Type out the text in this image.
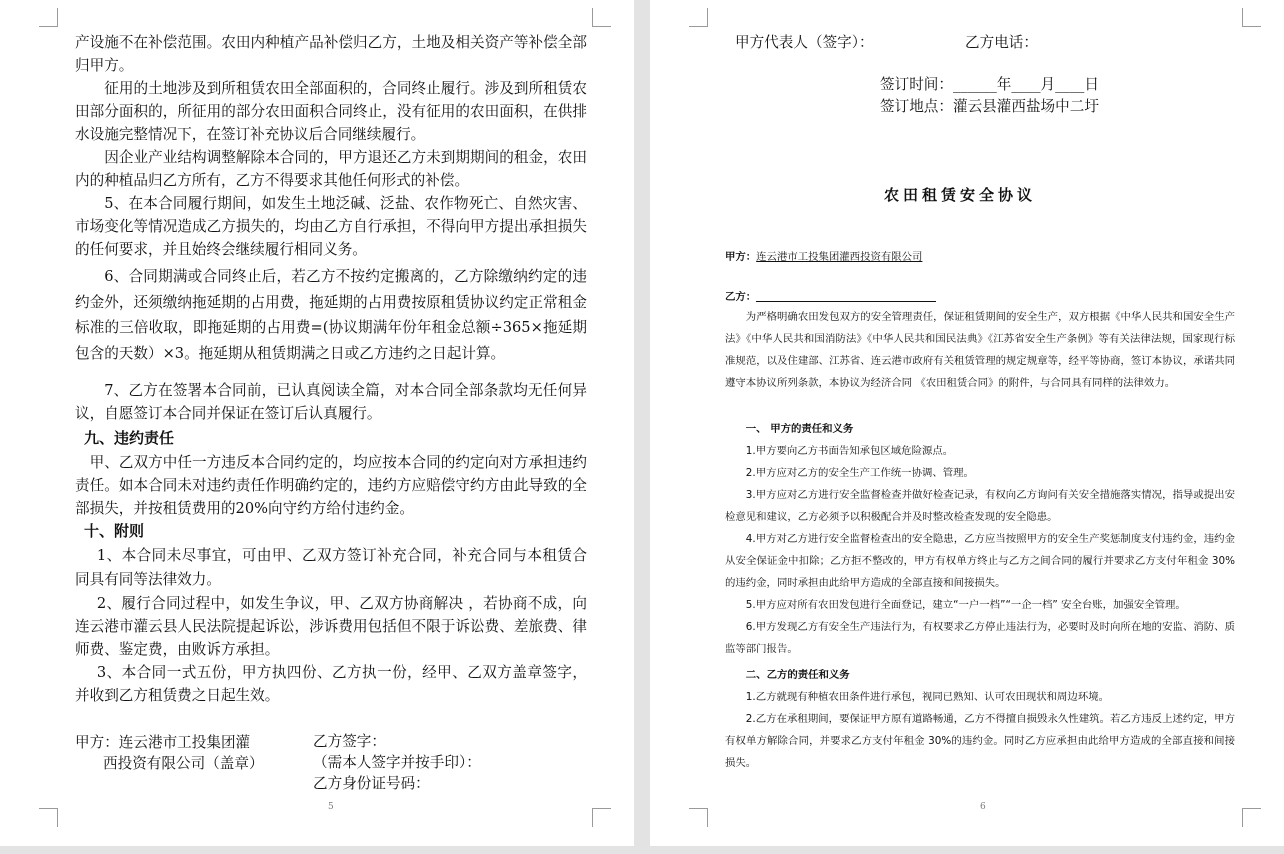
产设施不在补偿范围。农田内种植产品补偿归乙方，土地及相关资产等补偿全部归甲方。
征用的土地涉及到所租赁农田全部面积的，合同终止履行。涉及到所租赁农田部分面积的，所征用的部分农田面积合同终止，没有征用的农田面积，在供排水设施完整情况下，在签订补充协议后合同继续履行。
因企业产业结构调整解除本合同的，甲方退还乙方未到期期间的租金，农田内的种植品归乙方所有，乙方不得要求其他任何形式的补偿。
5、在本合同履行期间，如发生土地泛碱、泛盐、农作物死亡、自然灾害、市场变化等情况造成乙方损失的，均由乙方自行承担，不得向甲方提出承担损失的任何要求，并且始终会继续履行相同义务。
6、合同期满或合同终止后，若乙方不按约定搬离的，乙方除缴纳约定的违约金外，还须缴纳拖延期的占用费，拖延期的占用费按原租赁协议约定正常租金标准的三倍收取，即拖延期的占用费=(协议期满年份年租金总额÷365×拖延期包含的天数）×3。拖延期从租赁期满之日或乙方违约之日起计算。
7、乙方在签署本合同前，已认真阅读全篇，对本合同全部条款均无任何异议，自愿签订本合同并保证在签订后认真履行。
九、违约责任
甲、乙双方中任一方违反本合同约定的，均应按本合同的约定向对方承担违约责任。如本合同未对违约责任作明确约定的，违约方应赔偿守约方由此导致的全部损失，并按租赁费用的20%向守约方给付违约金。
十、附则
1、本合同未尽事宜，可由甲、乙双方签订补充合同，补充合同与本租赁合同具有同等法律效力。
2、履行合同过程中，如发生争议，甲、乙双方协商解决 ，若协商不成，向连云港市灌云县人民法院提起诉讼，涉诉费用包括但不限于诉讼费、差旅费、律师费、鉴定费，由败诉方承担。
3、本合同一式五份，甲方执四份、乙方执一份，经甲、乙双方盖章签字，并收到乙方租赁费之日起生效。
甲方：连云港市工投集团灌
西投资有限公司（盖章）
乙方签字：
（需本人签字并按手印）：
乙方身份证号码：
5
甲方代表人（签字）：	乙方电话：
签订时间：______年____月____日
签订地点：灌云县灌西盐场中二圩
农田租赁安全协议
甲方：连云港市工投集团灌西投资有限公司
乙方：
为严格明确农田发包双方的安全管理责任，保证租赁期间的安全生产，双方根据《中华人民共和国安全生产法》《中华人民共和国消防法》《中华人民共和国民法典》《江苏省安全生产条例》等有关法律法规，国家现行标准规范，以及住建部、江苏省、连云港市政府有关租赁管理的规定规章等，经平等协商，签订本协议，承诺共同遵守本协议所列条款，本协议为经济合同 《农田租赁合同》的附件，与合同具有同样的法律效力。
一、 甲方的责任和义务
1.甲方要向乙方书面告知承包区域危险源点。
2.甲方应对乙方的安全生产工作统一协调、管理。
3.甲方应对乙方进行安全监督检查并做好检查记录，有权向乙方询问有关安全措施落实情况，指导或提出安检意见和建议，乙方必须予以积极配合并及时整改检查发现的安全隐患。
4.甲方对乙方进行安全监督检查出的安全隐患，乙方应当按照甲方的安全生产奖惩制度支付违约金，违约金从安全保证金中扣除；乙方拒不整改的，甲方有权单方终止与乙方之间合同的履行并要求乙方支付年租金 30%的违约金，同时承担由此给甲方造成的全部直接和间接损失。
5.甲方应对所有农田发包进行全面登记，建立“一户一档”“一企一档” 安全台账，加强安全管理。
6.甲方发现乙方有安全生产违法行为，有权要求乙方停止违法行为，必要时及时向所在地的安监、消防、质监等部门报告。
二、乙方的责任和义务
1.乙方就现有种植农田条件进行承包，视同已熟知、认可农田现状和周边环境。
2.乙方在承租期间，要保证甲方原有道路畅通，乙方不得擅自损毁永久性建筑。若乙方违反上述约定，甲方有权单方解除合同，并要求乙方支付年租金 30%的违约金。同时乙方应承担由此给甲方造成的全部直接和间接损失。
6
